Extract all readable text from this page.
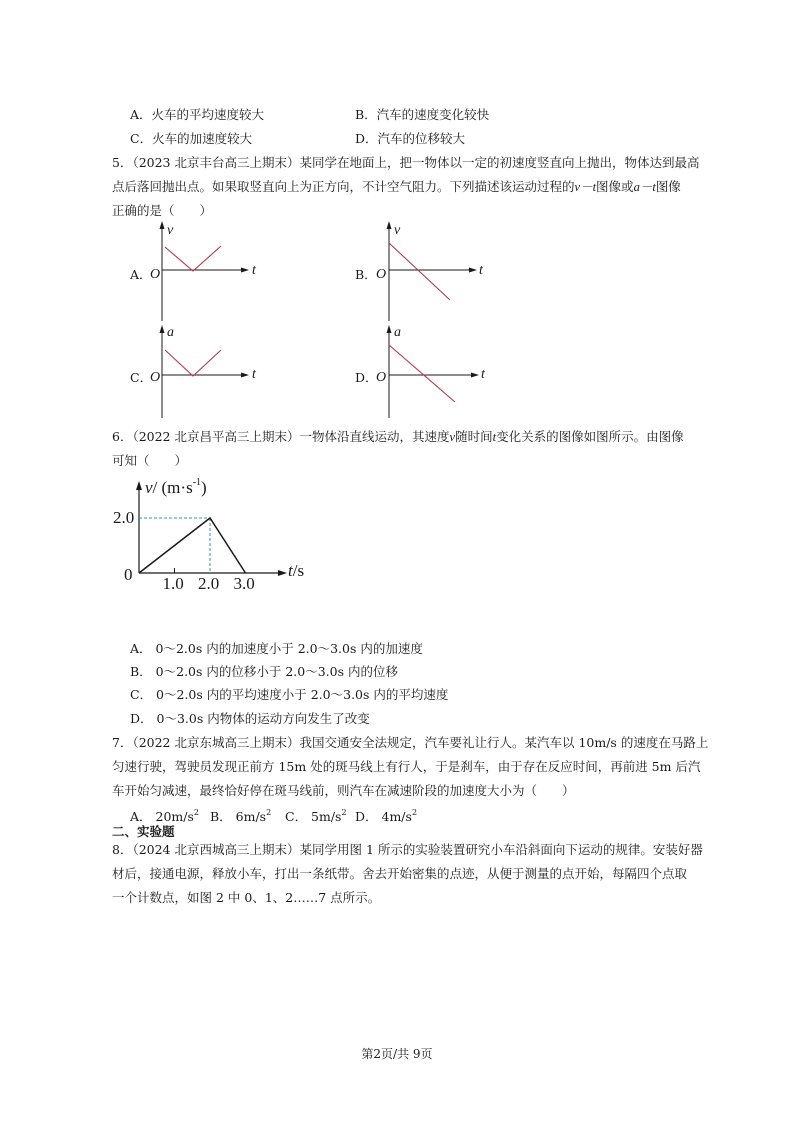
A．火车的平均速度较大	B．汽车的速度变化较快
C．火车的加速度较大	D．汽车的位移较大
5．（2023 北京丰台高三上期末）某同学在地面上，把一物体以一定的初速度竖直向上抛出，物体达到最高
点后落回抛出点。如果取竖直向上为正方向，不计空气阻力。下列描述该运动过程的v－t图像或a－t图像
正确的是（　　）
A．
v
t
O	B．
v
t
O
C．
a
t
O	D．
a
t
O
6．（2022 北京昌平高三上期末）一物体沿直线运动，其速度v随时间t变化关系的图像如图所示。由图像
可知（　　）
v/ $(m\cdot s^{-1})$
t/s
2.0
0 1.0 2.0 3.0
A． 0～2.0s 内的加速度小于 2.0～3.0s 内的加速度
B． 0～2.0s 内的位移小于 2.0～3.0s 内的位移
C． 0～2.0s 内的平均速度小于 2.0～3.0s 内的平均速度
D． 0～3.0s 内物体的运动方向发生了改变
7．（2022 北京东城高三上期末）我国交通安全法规定，汽车要礼让行人。某汽车以 10m/s 的速度在马路上
匀速行驶，驾驶员发现正前方 15m 处的斑马线上有行人，于是刹车，由于存在反应时间，再前进 5m 后汽
车开始匀减速，最终恰好停在斑马线前，则汽车在减速阶段的加速度大小为（　　）
A． $20m/s^2$ B． $6m/s^2$ C． $5m/s^2$ D． $4m/s^2$
二、实验题
8．（2024 北京西城高三上期末）某同学用图 1 所示的实验装置研究小车沿斜面向下运动的规律。安装好器
材后，接通电源，释放小车，打出一条纸带。舍去开始密集的点迹，从便于测量的点开始，每隔四个点取
一个计数点，如图 2 中 0、1、2……7 点所示。
第2页/共 9页
